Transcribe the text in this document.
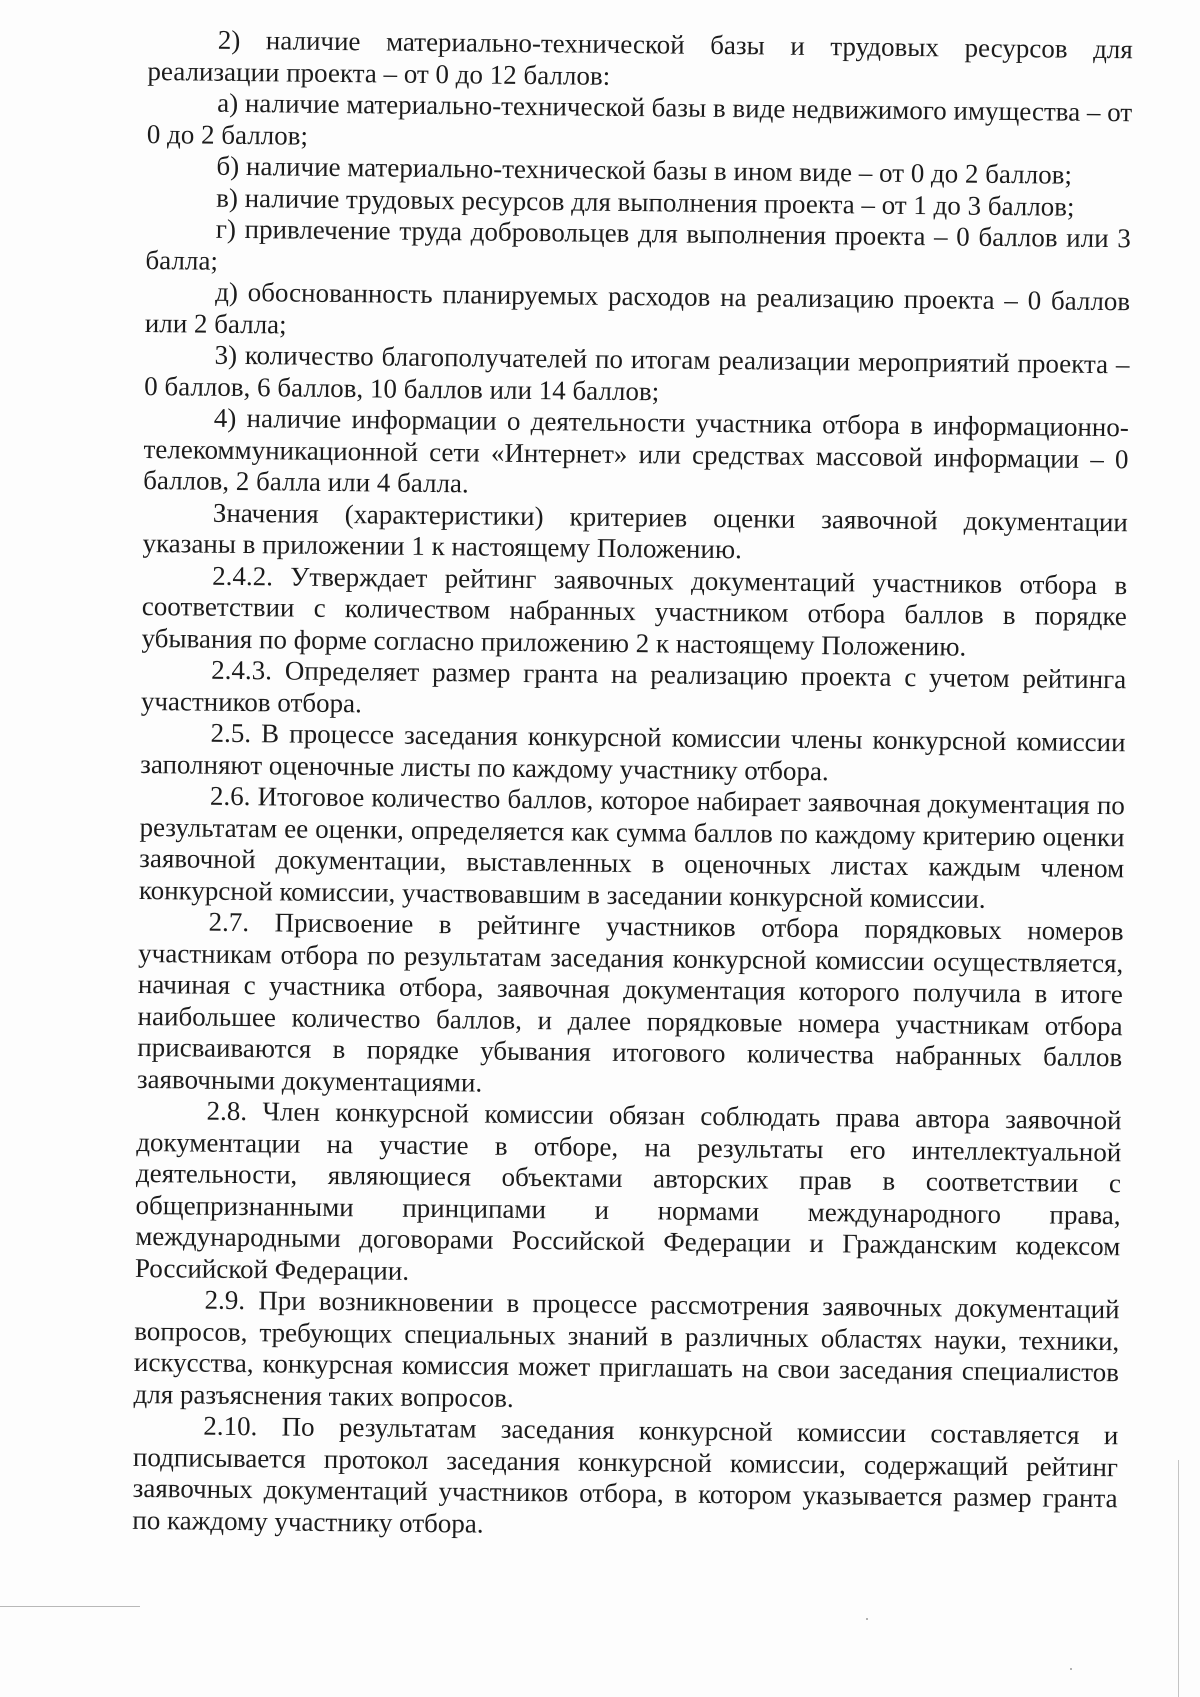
2) наличие материально-технической базы и трудовых ресурсов для реализации проекта – от 0 до 12 баллов:

а) наличие материально-технической базы в виде недвижимого имущества – от 0 до 2 баллов;

б) наличие материально-технической базы в ином виде – от 0 до 2 баллов;

в) наличие трудовых ресурсов для выполнения проекта – от 1 до 3 баллов;

г) привлечение труда добровольцев для выполнения проекта – 0 баллов или 3 балла;

д) обоснованность планируемых расходов на реализацию проекта – 0 баллов или 2 балла;

3) количество благополучателей по итогам реализации мероприятий проекта – 0 баллов, 6 баллов, 10 баллов или 14 баллов;

4) наличие информации о деятельности участника отбора в информационно-телекоммуникационной сети «Интернет» или средствах массовой информации – 0 баллов, 2 балла или 4 балла.

Значения (характеристики) критериев оценки заявочной документации указаны в приложении 1 к настоящему Положению.

2.4.2. Утверждает рейтинг заявочных документаций участников отбора в соответствии с количеством набранных участником отбора баллов в порядке убывания по форме согласно приложению 2 к настоящему Положению.

2.4.3. Определяет размер гранта на реализацию проекта с учетом рейтинга участников отбора.

2.5. В процессе заседания конкурсной комиссии члены конкурсной комиссии заполняют оценочные листы по каждому участнику отбора.

2.6. Итоговое количество баллов, которое набирает заявочная документация по результатам ее оценки, определяется как сумма баллов по каждому критерию оценки заявочной документации, выставленных в оценочных листах каждым членом конкурсной комиссии, участвовавшим в заседании конкурсной комиссии.

2.7. Присвоение в рейтинге участников отбора порядковых номеров участникам отбора по результатам заседания конкурсной комиссии осуществляется, начиная с участника отбора, заявочная документация которого получила в итоге наибольшее количество баллов, и далее порядковые номера участникам отбора присваиваются в порядке убывания итогового количества набранных баллов заявочными документациями.

2.8. Член конкурсной комиссии обязан соблюдать права автора заявочной документации на участие в отборе, на результаты его интеллектуальной деятельности, являющиеся объектами авторских прав в соответствии с общепризнанными принципами и нормами международного права, международными договорами Российской Федерации и Гражданским кодексом Российской Федерации.

2.9. При возникновении в процессе рассмотрения заявочных документаций вопросов, требующих специальных знаний в различных областях науки, техники, искусства, конкурсная комиссия может приглашать на свои заседания специалистов для разъяснения таких вопросов.

2.10. По результатам заседания конкурсной комиссии составляется и подписывается протокол заседания конкурсной комиссии, содержащий рейтинг заявочных документаций участников отбора, в котором указывается размер гранта по каждому участнику отбора.
